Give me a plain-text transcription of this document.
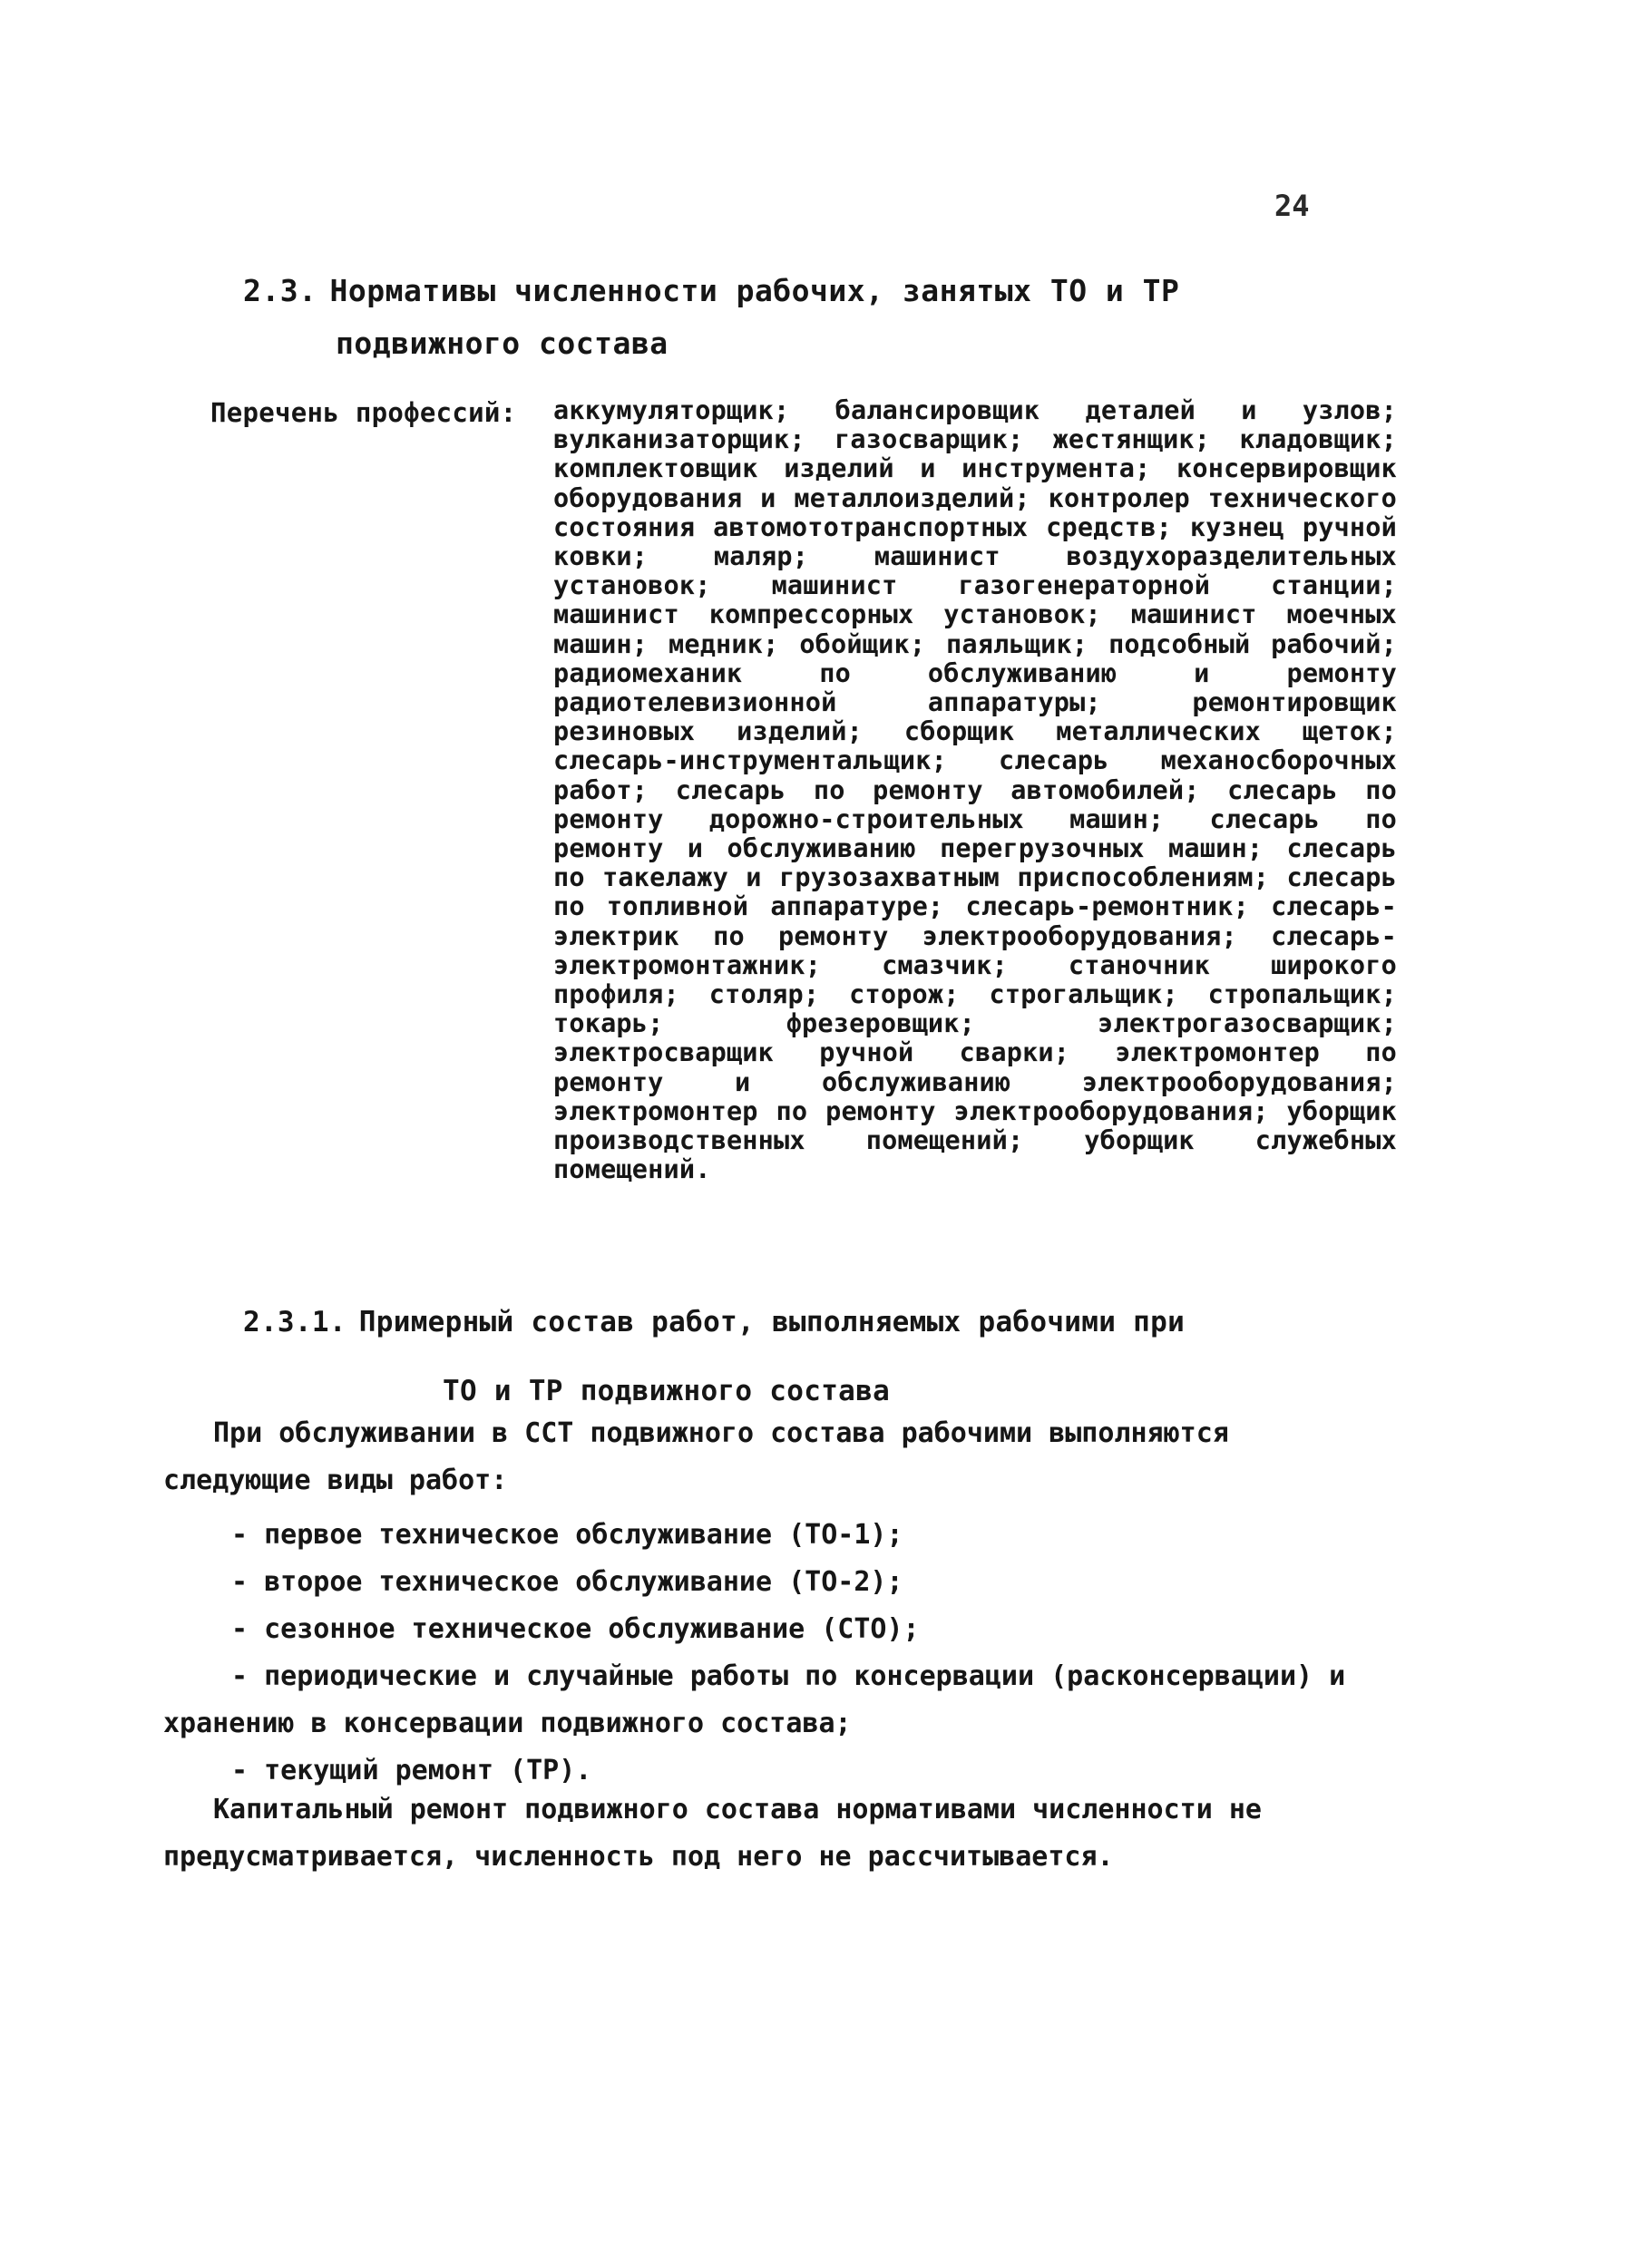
24
2.3. Нормативы численности рабочих, занятых ТО и ТР
подвижного состава
Перечень профессий: аккумуляторщик; балансировщик деталей и узлов; вулканизаторщик; газосварщик; жестянщик; кладовщик; комплектовщик изделий и инструмента; консервировщик оборудования и металлоизделий; контролер технического состояния автомототранспортных средств; кузнец ручной ковки; маляр; машинист воздухоразделительных установок; машинист газогенераторной станции; машинист компрессорных установок; машинист моечных машин; медник; обойщик; паяльщик; подсобный рабочий; радиомеханик по обслуживанию и ремонту радиотелевизионной аппаратуры; ремонтировщик резиновых изделий; сборщик металлических щеток; слесарь-инструментальщик; слесарь механосборочных работ; слесарь по ремонту автомобилей; слесарь по ремонту дорожно-строительных машин; слесарь по ремонту и обслуживанию перегрузочных машин; слесарь по такелажу и грузозахватным приспособлениям; слесарь по топливной аппаратуре; слесарь-ремонтник; слесарь-электрик по ремонту электрооборудования; слесарь-электромонтажник; смазчик; станочник широкого профиля; столяр; сторож; строгальщик; стропальщик; токарь; фрезеровщик; электрогазосварщик; электросварщик ручной сварки; электромонтер по ремонту и обслуживанию электрооборудования; электромонтер по ремонту электрооборудования; уборщик производственных помещений; уборщик служебных помещений.
2.3.1. Примерный состав работ, выполняемых рабочими при
ТО и ТР подвижного состава
При обслуживании в ССТ подвижного состава рабочими выполняются следующие виды работ:
- первое техническое обслуживание (ТО-1);
- второе техническое обслуживание (ТО-2);
- сезонное техническое обслуживание (СТО);
- периодические и случайные работы по консервации (расконсервации) и хранению в консервации подвижного состава;
- текущий ремонт (ТР).
Капитальный ремонт подвижного состава нормативами численности не предусматривается, численность под него не рассчитывается.
